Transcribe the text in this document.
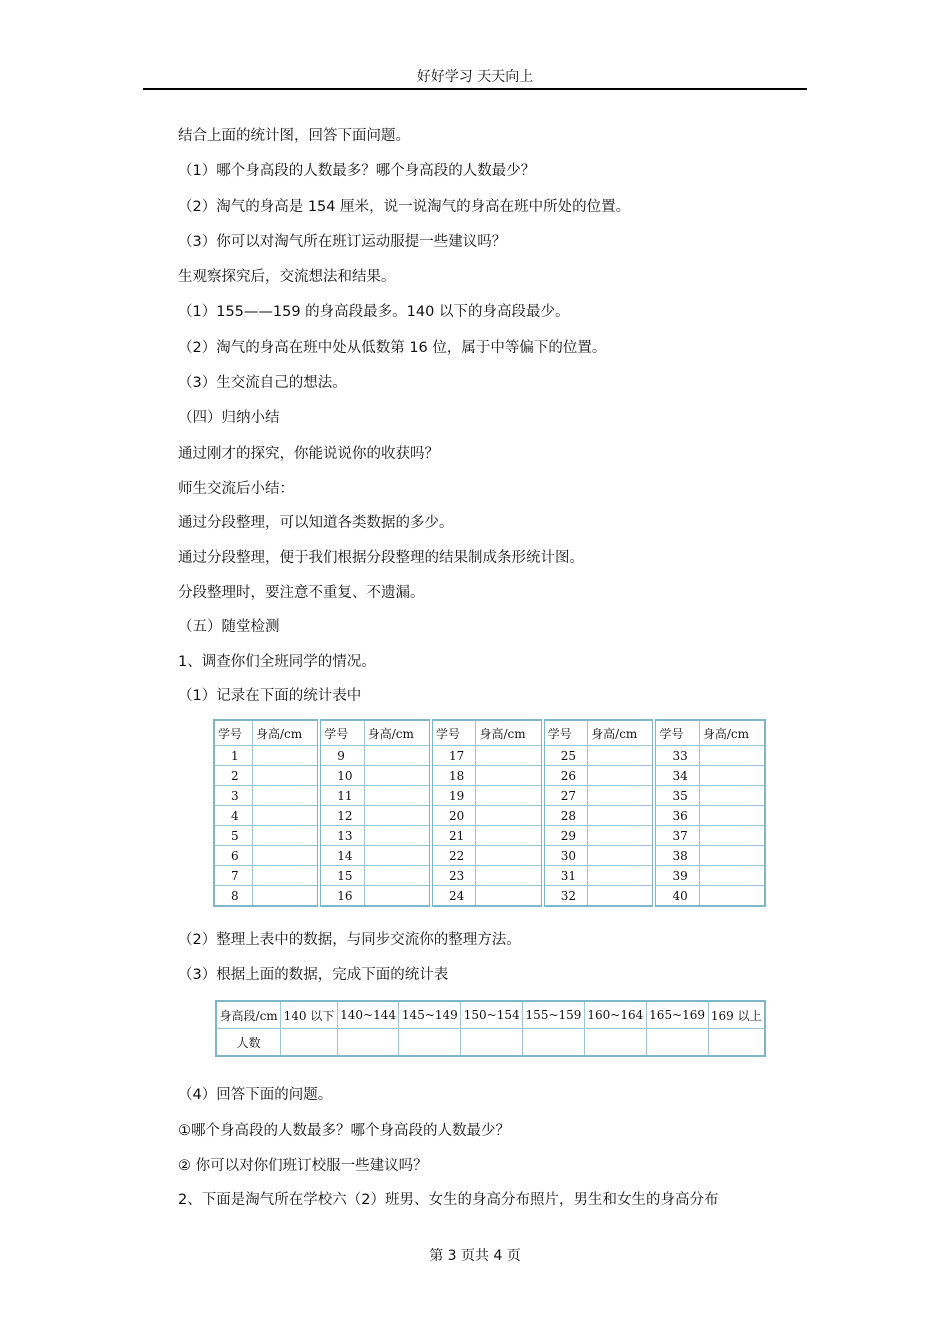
好好学习 天天向上
结合上面的统计图，回答下面问题。
（1）哪个身高段的人数最多？哪个身高段的人数最少？
（2）淘气的身高是 154 厘米，说一说淘气的身高在班中所处的位置。
（3）你可以对淘气所在班订运动服提一些建议吗？
生观察探究后，交流想法和结果。
（1）155——159 的身高段最多。140 以下的身高段最少。
（2）淘气的身高在班中处从低数第 16 位，属于中等偏下的位置。
（3）生交流自己的想法。
（四）归纳小结
通过刚才的探究，你能说说你的收获吗？
师生交流后小结：
通过分段整理，可以知道各类数据的多少。
通过分段整理，便于我们根据分段整理的结果制成条形统计图。
分段整理时，要注意不重复、不遗漏。
（五）随堂检测
1、调查你们全班同学的情况。
（1）记录在下面的统计表中
（2）整理上表中的数据，与同步交流你的整理方法。
（3）根据上面的数据，完成下面的统计表
（4）回答下面的问题。
①哪个身高段的人数最多？哪个身高段的人数最少？
② 你可以对你们班订校服一些建议吗？
2、下面是淘气所在学校六（2）班男、女生的身高分布照片，男生和女生的身高分布
学号	身高/cm	学号	身高/cm	学号	身高/cm	学号	身高/cm	学号	身高/cm
1		9		17		25		33	
2		10		18		26		34	
3		11		19		27		35	
4		12		20		28		36	
5		13		21		29		37	
6		14		22		30		38	
7		15		23		31		39	
8		16		24		32		40	
身高段/cm	140 以下	140~144	145~149	150~154	155~159	160~164	165~169	169 以上
人数								
第 3 页共 4 页
